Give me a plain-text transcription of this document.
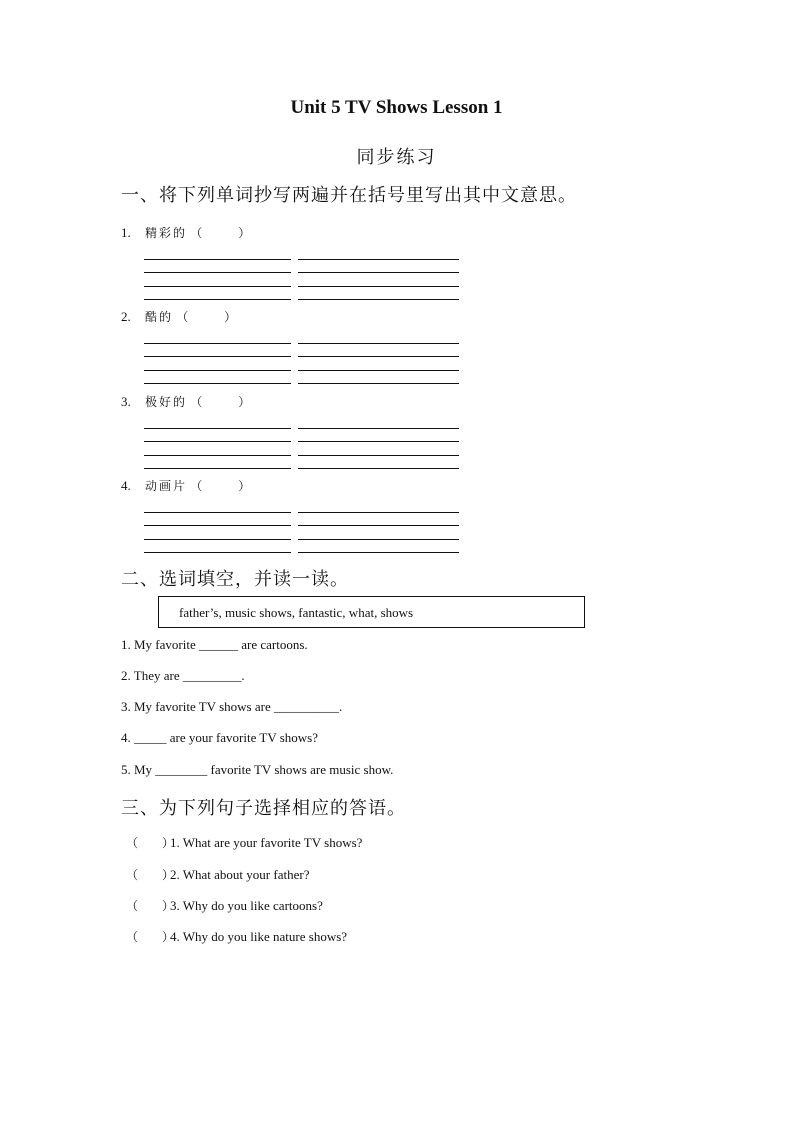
Unit 5 TV Shows Lesson 1
同步练习
一、将下列单词抄写两遍并在括号里写出其中文意思。
1. 精彩的 （　　　）
2. 酷的 （　　　）
3. 极好的 （　　　）
4. 动画片 （　　　）
二、选词填空，并读一读。
father’s, music shows, fantastic, what, shows
1. My favorite ______ are cartoons.
2. They are _________.
3. My favorite TV shows are __________.
4. _____ are your favorite TV shows?
5. My ________ favorite TV shows are music show.
三、为下列句子选择相应的答语。
（　　）1. What are your favorite TV shows?
（　　）2. What about your father?
（　　）3. Why do you like cartoons?
（　　）4. Why do you like nature shows?
